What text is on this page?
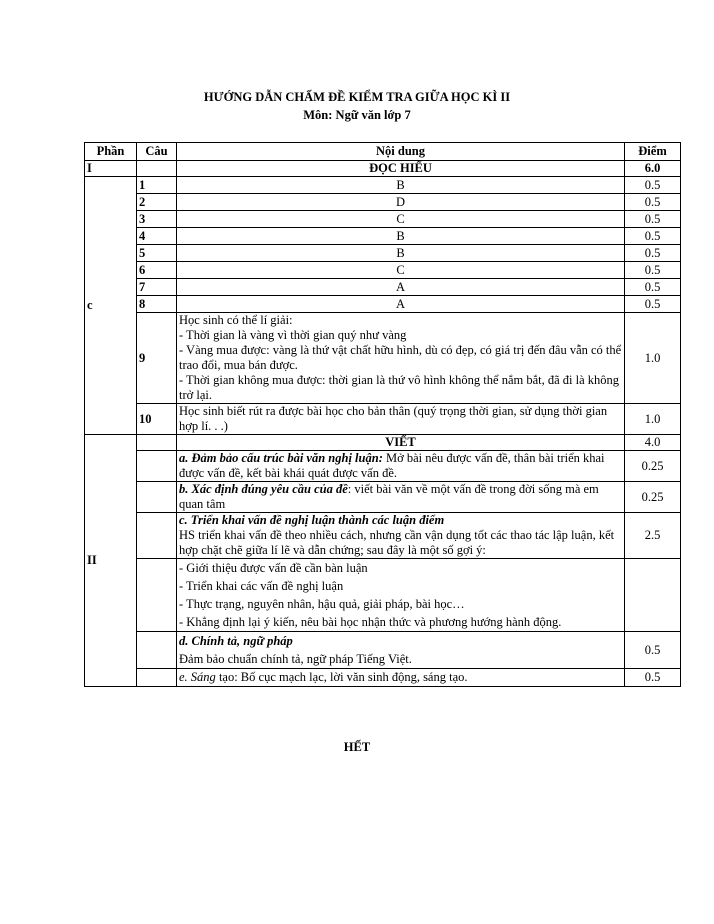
HƯỚNG DẪN CHẤM ĐỀ KIỂM TRA GIỮA HỌC KÌ II
Môn: Ngữ văn lớp 7
Phần	Câu	Nội dung	Điểm
I		ĐỌC HIỂU	6.0
c	1	B	0.5
	2	D	0.5
	3	C	0.5
	4	B	0.5
	5	B	0.5
	6	C	0.5
	7	A	0.5
	8	A	0.5
	9	Học sinh có thể lí giải:
- Thời gian là vàng vì thời gian quý như vàng
- Vàng mua được: vàng là thứ vật chất hữu hình, dù có đẹp, có giá trị đến đâu vẫn có thể trao đổi, mua bán được.
- Thời gian không mua được: thời gian là thứ vô hình không thể nắm bắt, đã đi là không trở lại.	1.0
	10	Học sinh biết rút ra được bài học cho bản thân (quý trọng thời gian, sử dụng thời gian hợp lí. . .)	1.0
II		VIẾT	4.0
		a. Đảm bảo cấu trúc bài văn nghị luận: Mở bài nêu được vấn đề, thân bài triển khai được vấn đề, kết bài khái quát được vấn đề.	0.25
		b. Xác định đúng yêu cầu của đề: viết bài văn về một vấn đề trong đời sống mà em quan tâm	0.25

		c. Triển khai vấn đề nghị luận thành các luận điểm
HS triển khai vấn đề theo nhiều cách, nhưng cần vận dụng tốt các thao tác lập luận, kết hợp chặt chẽ giữa lí lẽ và dẫn chứng; sau đây là một số gợi ý:	2.5

		- Giới thiệu được vấn đề cần bàn luận
- Triển khai các vấn đề nghị luận
- Thực trạng, nguyên nhân, hậu quả, giải pháp, bài học…
- Khẳng định lại ý kiến, nêu bài học nhận thức và phương hướng hành động.	

		d. Chính tả, ngữ pháp
Đảm bảo chuẩn chính tả, ngữ pháp Tiếng Việt.	0.5
		e. Sáng tạo: Bố cục mạch lạc, lời văn sinh động, sáng tạo.	0.5
HẾT
